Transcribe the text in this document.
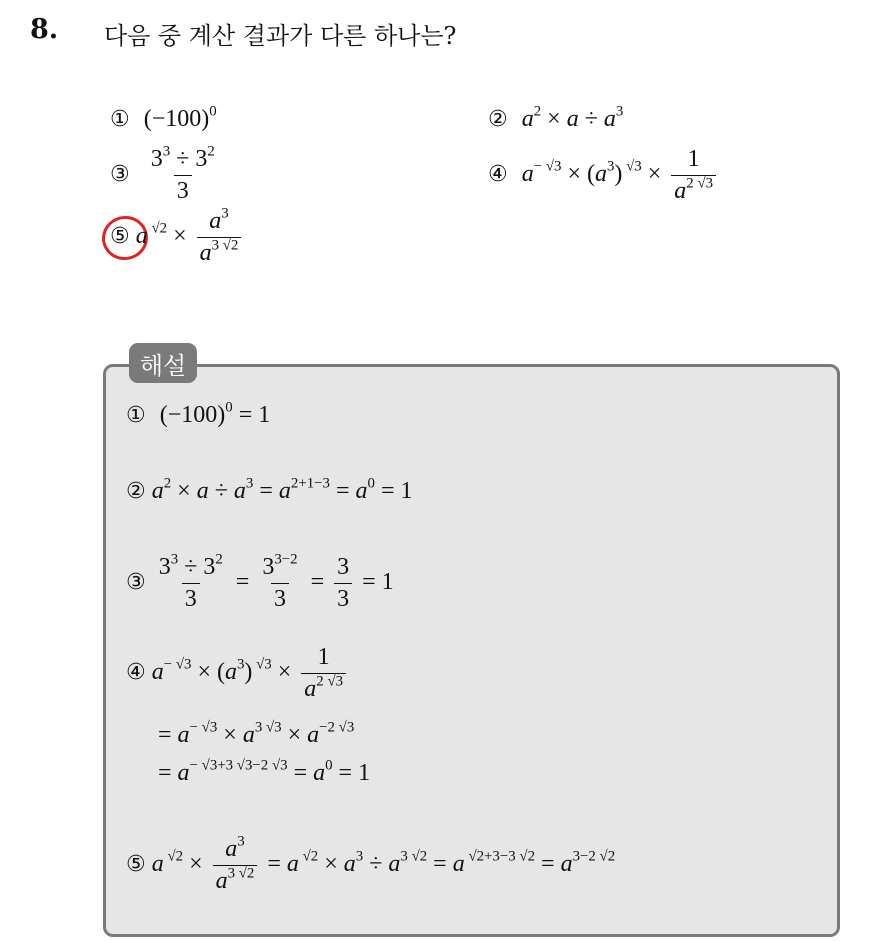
8. 다음 중 계산 결과가 다른 하나는?
① $(-100)^0$	② $a^2 \times a \div a^3$
③ $\frac{3^3 \div 3^2}{3}$	④ $a^{- √3} \times (a^3) ^{√3} \times \frac{1}{a^{2 √3}}$
⑤ a $^{√2} \times \frac{a^3}{a^{3 √2}}$
해설
① $(-100)^0 = 1$
② $a^2 \times a \div a^3 = a^{2+1-3} = a^0 = 1$
③ $\frac{3^3 \div 3^2}{3} = \frac{3^{3-2}}{3} = \frac{3}{3} = 1$
④ $a^{- √3} \times (a^3) ^{√3} \times \frac{1}{a^{2 √3}}$
= $a^{- √3} \times a^{3 √3} \times a^{-2 √3}$
= $a^{- √3+3 √3-2 √3} = a^0 = 1$
⑤ a $^{√2} \times \frac{a^3}{a^{3 √2}} = a$ $^{√2} \times a^3 \div a^{3 √2} = a$ $^{√2+3-3 √2} = a^{3-2 √2}$
